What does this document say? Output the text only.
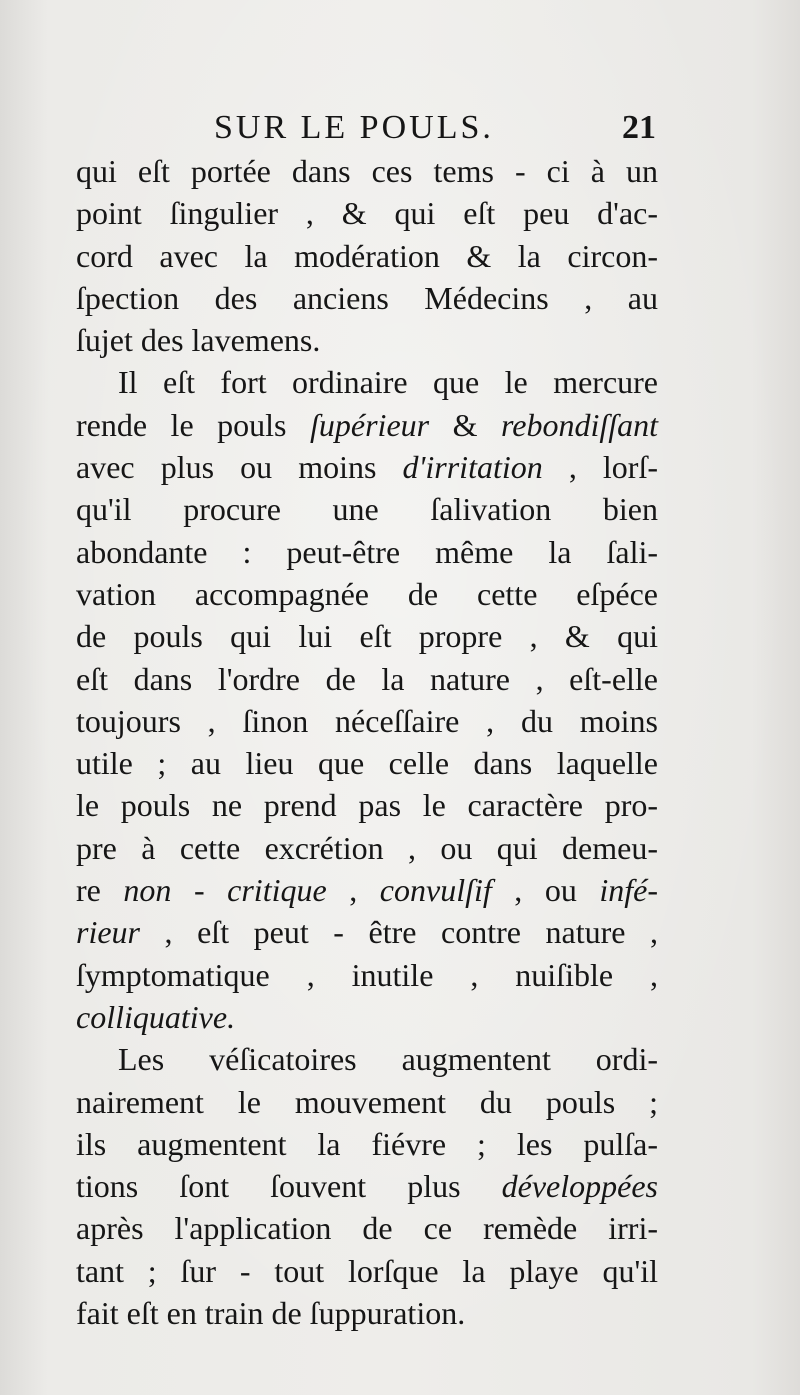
SUR LE POULS.	21
qui eſt portée dans ces tems - ci à un
point ſingulier , & qui eſt peu d'ac-
cord avec la modération & la circon-
ſpection des anciens Médecins , au
ſujet des lavemens.
Il eſt fort ordinaire que le mercure
rende le pouls ſupérieur & rebondiſſant
avec plus ou moins d'irritation , lorſ-
qu'il procure une ſalivation bien
abondante : peut-être même la ſali-
vation accompagnée de cette eſpéce
de pouls qui lui eſt propre , & qui
eſt dans l'ordre de la nature , eſt-elle
toujours , ſinon néceſſaire , du moins
utile ; au lieu que celle dans laquelle
le pouls ne prend pas le caractère pro-
pre à cette excrétion , ou qui demeu-
re non - critique , convulſif , ou infé-
rieur , eſt peut - être contre nature ,
ſymptomatique , inutile , nuiſible ,
colliquative.
Les véſicatoires augmentent ordi-
nairement le mouvement du pouls ;
ils augmentent la fiévre ; les pulſa-
tions ſont ſouvent plus développées
après l'application de ce remède irri-
tant ; ſur - tout lorſque la playe qu'il
fait eſt en train de ſuppuration.
